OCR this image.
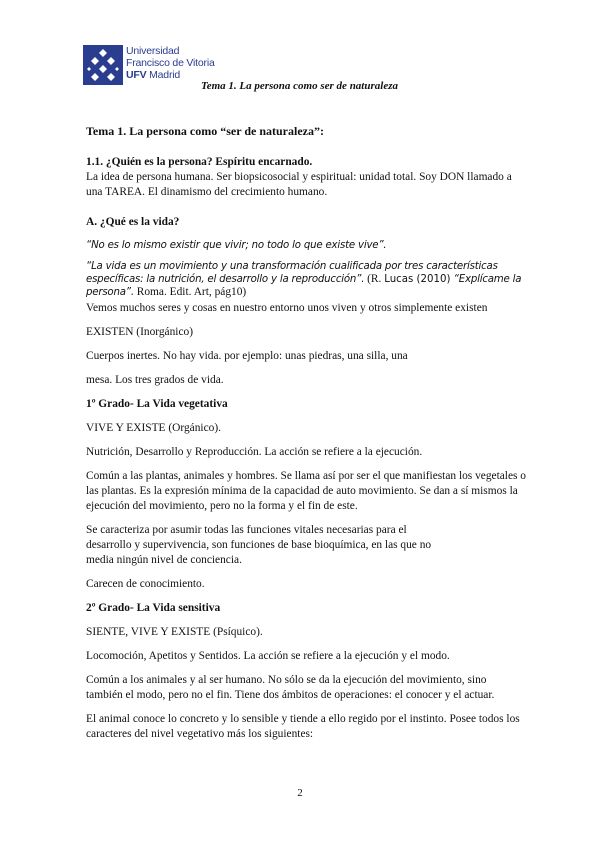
Universidad
Francisco de Vitoria
UFV Madrid
Tema 1. La persona como ser de naturaleza

Tema 1. La persona como “ser de naturaleza”:

1.1. ¿Quién es la persona? Espíritu encarnado.

La idea de persona humana. Ser biopsicosocial y espiritual: unidad total. Soy DON llamado a una TAREA. El dinamismo del crecimiento humano.

A. ¿Qué es la vida?

“No es lo mismo existir que vivir; no todo lo que existe vive”.

“La vida es un movimiento y una transformación cualificada por tres características específicas: la nutrición, el desarrollo y la reproducción”. (R. Lucas (2010) “Explícame la persona”. Roma. Edit. Art, pág10)

Vemos muchos seres y cosas en nuestro entorno unos viven y otros simplemente existen

EXISTEN (Inorgánico)

Cuerpos inertes. No hay vida. por ejemplo: unas piedras, una silla, una

mesa. Los tres grados de vida.

1º Grado- La Vida vegetativa

VIVE Y EXISTE (Orgánico).

Nutrición, Desarrollo y Reproducción. La acción se refiere a la ejecución.

Común a las plantas, animales y hombres. Se llama así por ser el que manifiestan los vegetales o las plantas. Es la expresión mínima de la capacidad de auto movimiento. Se dan a sí mismos la ejecución del movimiento, pero no la forma y el fin de este.

Se caracteriza por asumir todas las funciones vitales necesarias para el
desarrollo y supervivencia, son funciones de base bioquímica, en las que no
media ningún nivel de conciencia.

Carecen de conocimiento.

2º Grado- La Vida sensitiva

SIENTE, VIVE Y EXISTE (Psíquico).

Locomoción, Apetitos y Sentidos. La acción se refiere a la ejecución y el modo.

Común a los animales y al ser humano. No sólo se da la ejecución del movimiento, sino también el modo, pero no el fin. Tiene dos ámbitos de operaciones: el conocer y el actuar.

El animal conoce lo concreto y lo sensible y tiende a ello regido por el instinto. Posee todos los caracteres del nivel vegetativo más los siguientes:

2
